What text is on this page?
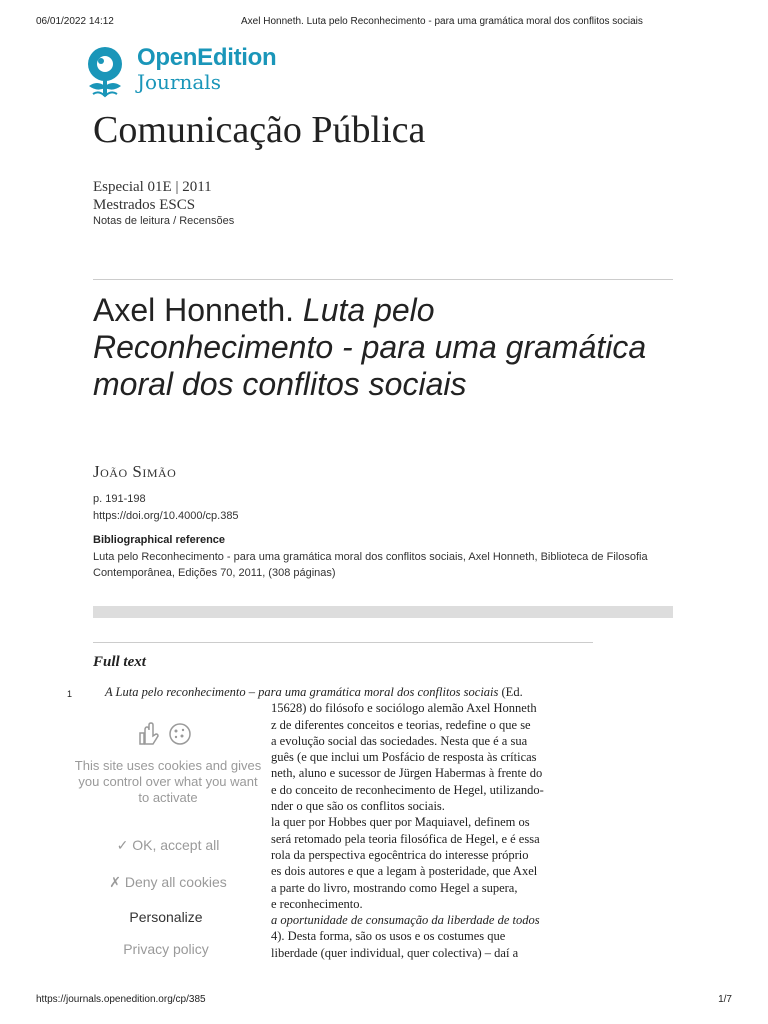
06/01/2022 14:12	Axel Honneth. Luta pelo Reconhecimento - para uma gramática moral dos conflitos sociais
OpenEdition
Journals
Comunicação Pública
Especial 01E | 2011
Mestrados ESCS
Notas de leitura / Recensões
Axel Honneth. Luta pelo Reconhecimento - para uma gramática moral dos conflitos sociais
João Simão
p. 191-198
https://doi.org/10.4000/cp.385
Bibliographical reference
Luta pelo Reconhecimento - para uma gramática moral dos conflitos sociais, Axel Honneth, Biblioteca de Filosofia Contemporânea, Edições 70, 2011, (308 páginas)
Full text
1	A Luta pelo reconhecimento – para uma gramática moral dos conflitos sociais (Ed.

15628) do filósofo e sociólogo alemão Axel Honneth

z de diferentes conceitos e teorias, redefine o que se

a evolução social das sociedades. Nesta que é a sua

guês (e que inclui um Posfácio de resposta às críticas

neth, aluno e sucessor de Jürgen Habermas à frente do

e do conceito de reconhecimento de Hegel, utilizando-

nder o que são os conflitos sociais.

la quer por Hobbes quer por Maquiavel, definem os

será retomado pela teoria filosófica de Hegel, e é essa

rola da perspectiva egocêntrica do interesse próprio

es dois autores e que a legam à posteridade, que Axel

a parte do livro, mostrando como Hegel a supera,

e reconhecimento.

a oportunidade de consumação da liberdade de todos

4). Desta forma, são os usos e os costumes que

liberdade (quer individual, quer colectiva) – daí a

This site uses cookies and gives you control over what you want to activate
✓ OK, accept all
✗ Deny all cookies
Personalize
Privacy policy
https://journals.openedition.org/cp/385	1/7
